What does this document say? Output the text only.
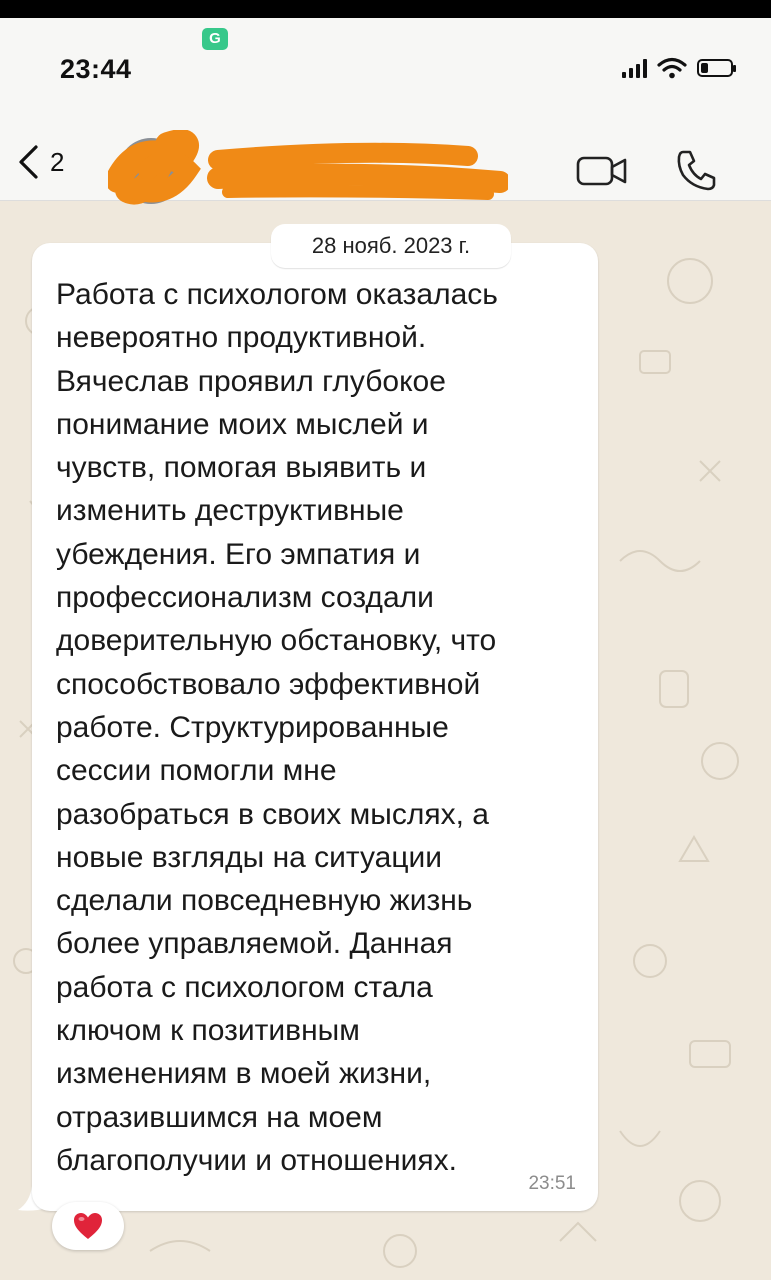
23:44
G
2
28 нояб. 2023 г.

Работа с психологом оказалась
невероятно продуктивной.
Вячеслав проявил глубокое
понимание моих мыслей и
чувств, помогая выявить и
изменить деструктивные
убеждения. Его эмпатия и
профессионализм создали
доверительную обстановку, что
способствовало эффективной
работе. Структурированные
сессии помогли мне
разобраться в своих мыслях, а
новые взгляды на ситуации
сделали повседневную жизнь
более управляемой. Данная
работа с психологом стала
ключом к позитивным
изменениям в моей жизни,
отразившимся на моем
благополучии и отношениях.

23:51
